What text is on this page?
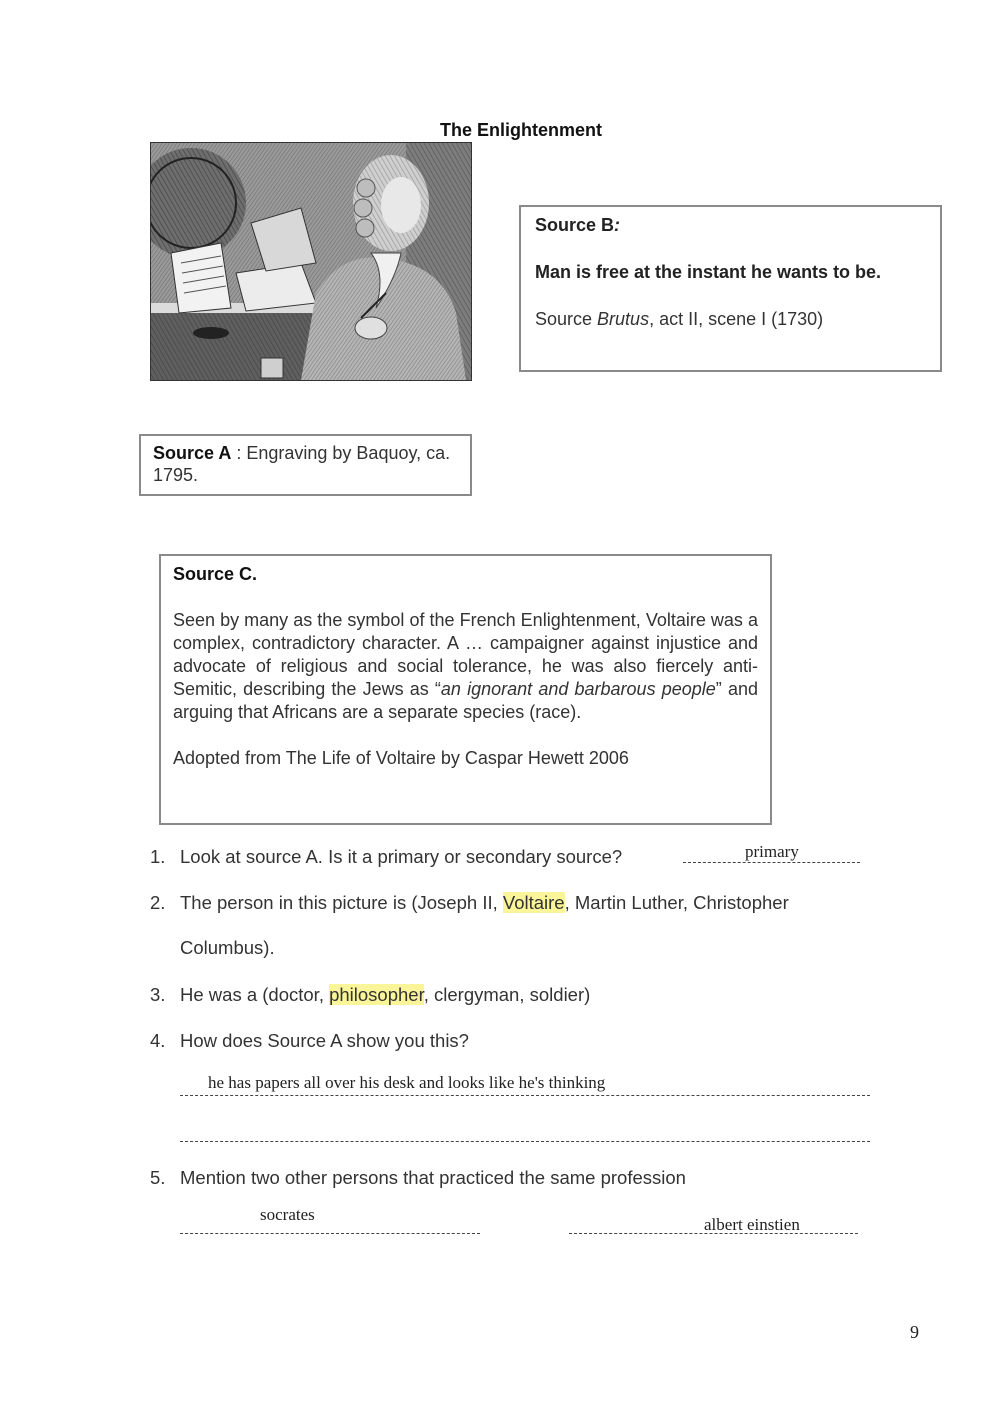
The Enlightenment

Source B:

Man is free at the instant he wants to be.

Source Brutus, act II, scene I (1730)

Source A : Engraving by Baquoy, ca. 1795.

Source C.

Seen by many as the symbol of the French Enlightenment, Voltaire was a complex, contradictory character. A … campaigner against injustice and advocate of religious and social tolerance, he was also fiercely anti-Semitic, describing the Jews as “an ignorant and barbarous people” and arguing that Africans are a separate species (race).

Adopted from The Life of Voltaire by Caspar Hewett 2006

1. Look at source A. Is it a primary or secondary source?	primary
2. The person in this picture is (Joseph II, Voltaire, Martin Luther, Christopher
Columbus).
3. He was a (doctor, philosopher, clergyman, soldier)
4. How does Source A show you this?
he has papers all over his desk and looks like he's thinking
5. Mention two other persons that practiced the same profession
socrates
albert einstien
9
